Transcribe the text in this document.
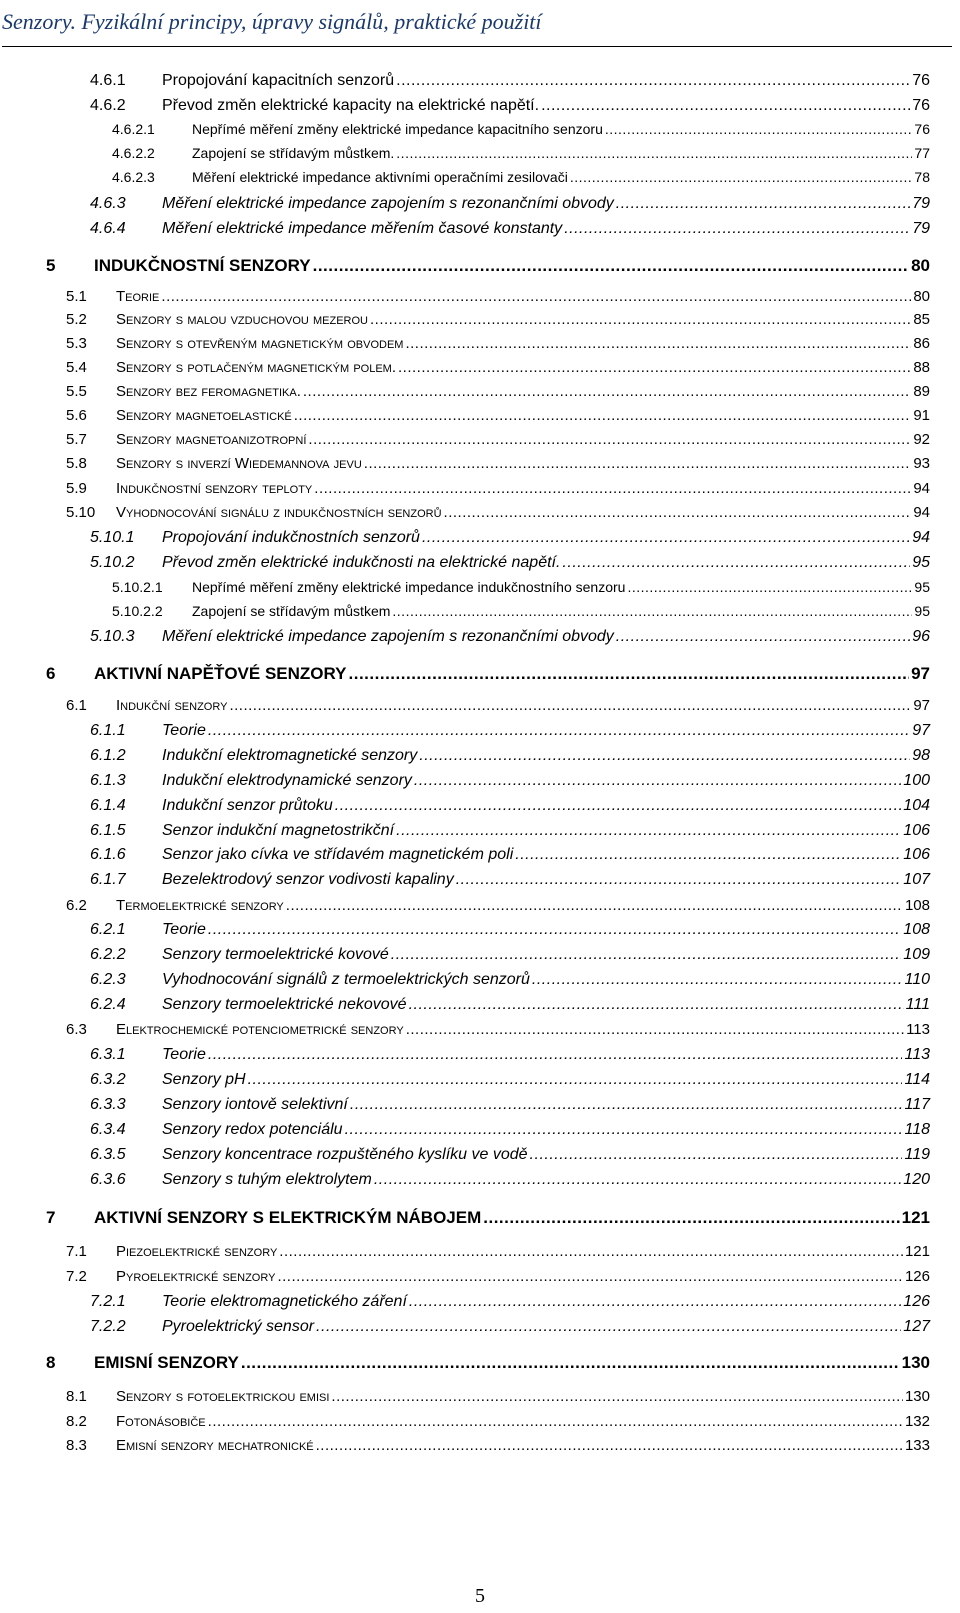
Senzory. Fyzikální principy, úpravy signálů, praktické použití
4.6.1	Propojování kapacitních senzorů .....	76
4.6.2	Převod změn elektrické kapacity na elektrické napětí. .....	76
4.6.2.1	Nepřímé měření změny elektrické impedance kapacitního senzoru .....	76
4.6.2.2	Zapojení se střídavým můstkem. .....	77
4.6.2.3	Měření elektrické impedance aktivními operačními zesilovači .....	78
4.6.3	Měření elektrické impedance zapojením s rezonančními obvody .....	79
4.6.4	Měření elektrické impedance měřením časové konstanty .....	79
5	INDUKČNOSTNÍ SENZORY .....	80
5.1	Teorie .....	80
5.2	Senzory s malou vzduchovou mezerou .....	85
5.3	Senzory s otevřeným magnetickým obvodem .....	86
5.4	Senzory s potlačeným magnetickým polem. .....	88
5.5	Senzory bez feromagnetika. .....	89
5.6	Senzory magnetoelastické .....	91
5.7	Senzory magnetoanizotropní .....	92
5.8	Senzory s inverzí Wiedemannova jevu .....	93
5.9	Indukčnostní senzory teploty .....	94
5.10	Vyhodnocování signálu z indukčnostních senzorů .....	94
5.10.1	Propojování indukčnostních senzorů .....	94
5.10.2	Převod změn elektrické indukčnosti na elektrické napětí. .....	95
5.10.2.1	Nepřímé měření změny elektrické impedance indukčnostního senzoru .....	95
5.10.2.2	Zapojení se střídavým můstkem .....	95
5.10.3	Měření elektrické impedance zapojením s rezonančními obvody .....	96
6	AKTIVNÍ NAPĚŤOVÉ SENZORY .....	97
6.1	Indukční senzory .....	97
6.1.1	Teorie .....	97
6.1.2	Indukční elektromagnetické senzory .....	98
6.1.3	Indukční elektrodynamické senzory .....	100
6.1.4	Indukční senzor průtoku .....	104
6.1.5	Senzor indukční magnetostrikční .....	106
6.1.6	Senzor jako cívka ve střídavém magnetickém poli .....	106
6.1.7	Bezelektrodový senzor vodivosti kapaliny .....	107
6.2	Termoelektrické senzory .....	108
6.2.1	Teorie .....	108
6.2.2	Senzory termoelektrické kovové .....	109
6.2.3	Vyhodnocování signálů z termoelektrických senzorů .....	110
6.2.4	Senzory termoelektrické nekovové .....	111
6.3	Elektrochemické potenciometrické senzory .....	113
6.3.1	Teorie .....	113
6.3.2	Senzory pH .....	114
6.3.3	Senzory iontově selektivní .....	117
6.3.4	Senzory redox potenciálu .....	118
6.3.5	Senzory koncentrace rozpuštěného kyslíku ve vodě .....	119
6.3.6	Senzory s tuhým elektrolytem .....	120
7	AKTIVNÍ SENZORY S ELEKTRICKÝM NÁBOJEM .....	121
7.1	Piezoelektrické senzory .....	121
7.2	Pyroelektrické senzory .....	126
7.2.1	Teorie elektromagnetického záření .....	126
7.2.2	Pyroelektrický sensor .....	127
8	EMISNÍ SENZORY .....	130
8.1	Senzory s fotoelektrickou emisi .....	130
8.2	Fotonásobiče .....	132
8.3	Emisní senzory mechatronické .....	133
5
